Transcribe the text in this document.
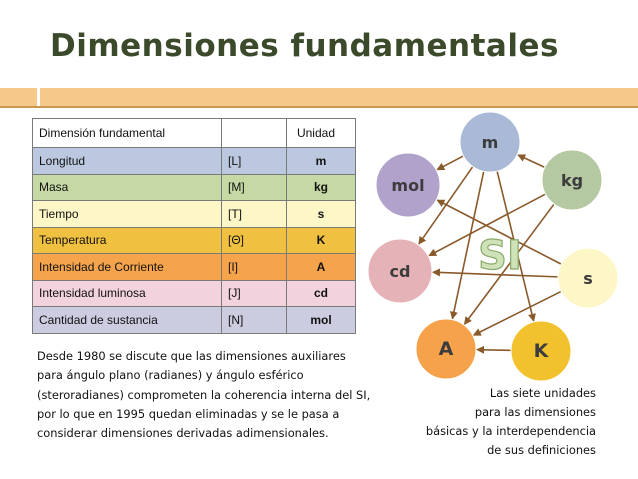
Dimensiones fundamentales
Dimensión fundamental		Unidad
Longitud	[L]	m
Masa	[M]	kg
Tiempo	[T]	s
Temperatura	[Θ]	K
Intensidad de Corriente	[I]	A
Intensidad luminosa	[J]	cd
Cantidad de sustancia	[N]	mol

Desde 1980 se discute que las dimensiones auxiliares para ángulo plano (radianes) y ángulo esférico (steroradianes) comprometen la coherencia interna del SI, por lo que en 1995 quedan eliminadas y se le pasa a considerar dimensiones derivadas adimensionales.

Las siete unidades
para las dimensiones
básicas y la interdependencia
de sus definiciones
SI
m
kg
mol
s
cd
A	K
